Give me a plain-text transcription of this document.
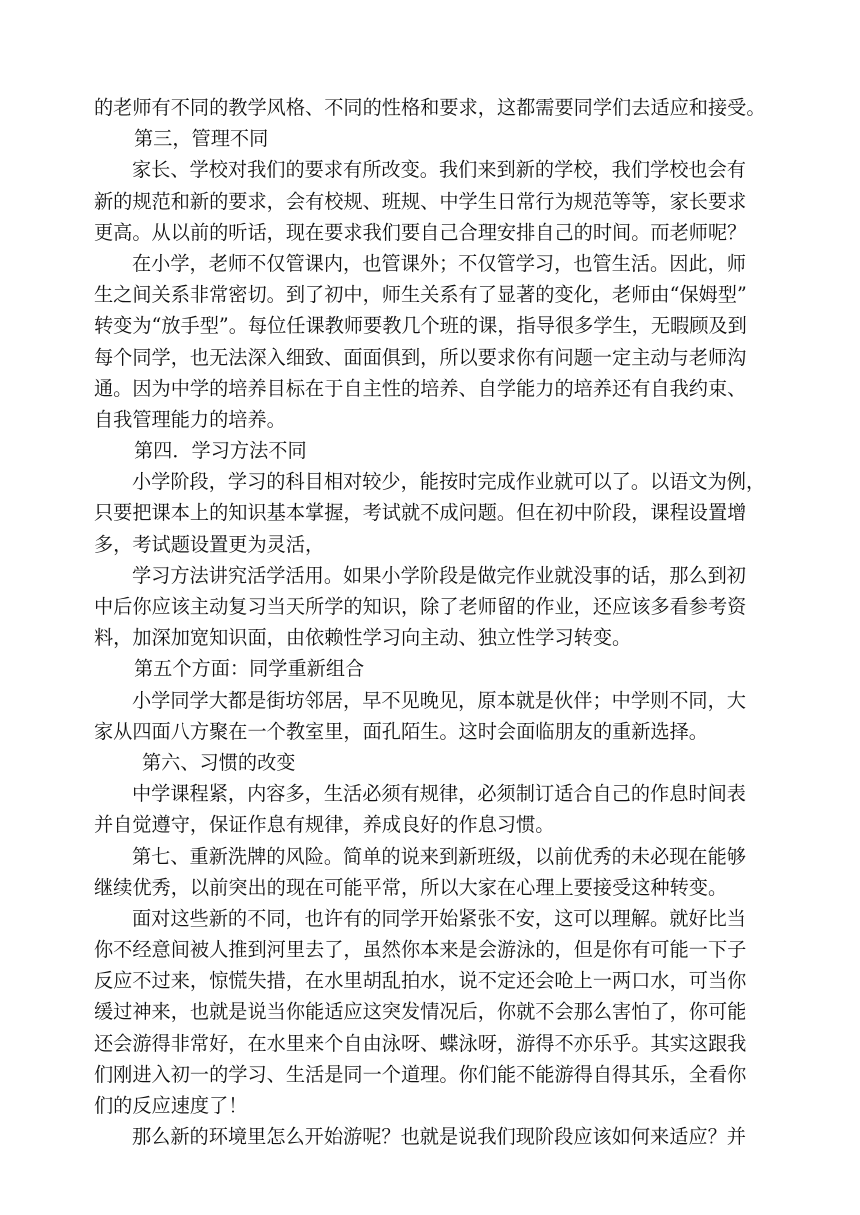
的老师有不同的教学风格、不同的性格和要求，这都需要同学们去适应和接受。
第三，管理不同
家长、学校对我们的要求有所改变。我们来到新的学校，我们学校也会有
新的规范和新的要求，会有校规、班规、中学生日常行为规范等等，家长要求
更高。从以前的听话，现在要求我们要自己合理安排自己的时间。而老师呢？
在小学，老师不仅管课内，也管课外；不仅管学习，也管生活。因此，师
生之间关系非常密切。到了初中，师生关系有了显著的变化，老师由“保姆型”
转变为“放手型”。每位任课教师要教几个班的课，指导很多学生，无暇顾及到
每个同学，也无法深入细致、面面俱到，所以要求你有问题一定主动与老师沟
通。因为中学的培养目标在于自主性的培养、自学能力的培养还有自我约束、
自我管理能力的培养。
第四．学习方法不同
小学阶段，学习的科目相对较少，能按时完成作业就可以了。以语文为例，
只要把课本上的知识基本掌握，考试就不成问题。但在初中阶段，课程设置增
多，考试题设置更为灵活，
学习方法讲究活学活用。如果小学阶段是做完作业就没事的话，那么到初
中后你应该主动复习当天所学的知识，除了老师留的作业，还应该多看参考资
料，加深加宽知识面，由依赖性学习向主动、独立性学习转变。
第五个方面：同学重新组合
小学同学大都是街坊邻居，早不见晚见，原本就是伙伴；中学则不同，大
家从四面八方聚在一个教室里，面孔陌生。这时会面临朋友的重新选择。
第六、习惯的改变
中学课程紧，内容多，生活必须有规律，必须制订适合自己的作息时间表
并自觉遵守，保证作息有规律，养成良好的作息习惯。
第七、重新洗牌的风险。简单的说来到新班级，以前优秀的未必现在能够
继续优秀，以前突出的现在可能平常，所以大家在心理上要接受这种转变。
面对这些新的不同，也许有的同学开始紧张不安，这可以理解。就好比当
你不经意间被人推到河里去了，虽然你本来是会游泳的，但是你有可能一下子
反应不过来，惊慌失措，在水里胡乱拍水，说不定还会呛上一两口水，可当你
缓过神来，也就是说当你能适应这突发情况后，你就不会那么害怕了，你可能
还会游得非常好，在水里来个自由泳呀、蝶泳呀，游得不亦乐乎。其实这跟我
们刚进入初一的学习、生活是同一个道理。你们能不能游得自得其乐，全看你
们的反应速度了！
那么新的环境里怎么开始游呢？也就是说我们现阶段应该如何来适应？并
